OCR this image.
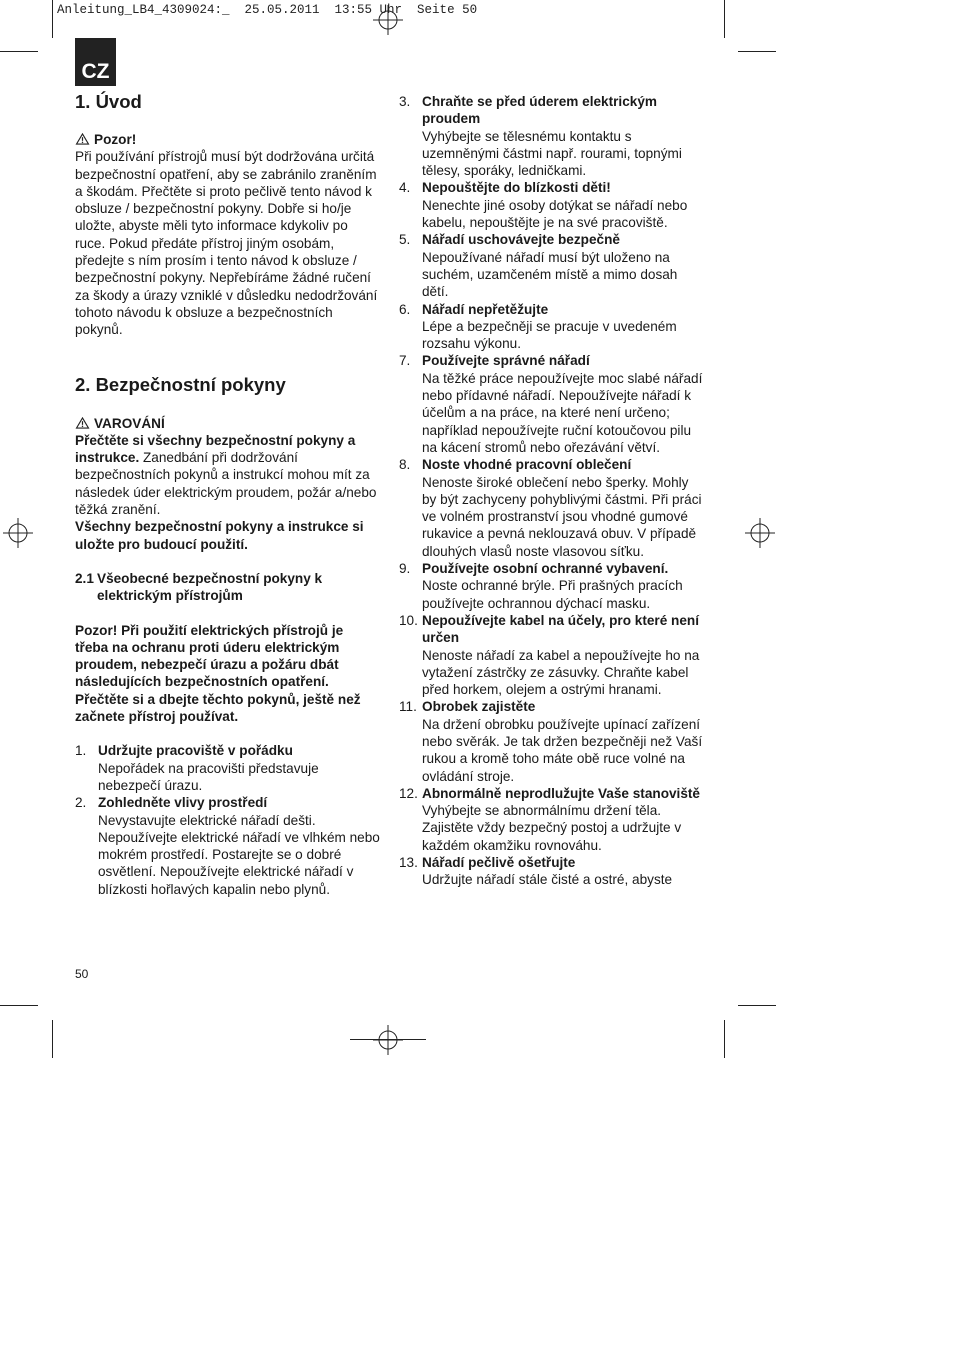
Anleitung_LB4_4309024:_  25.05.2011  13:55 Uhr  Seite 50
CZ
1. Úvod

Pozor!

Při používání přístrojů musí být dodržována určitá bezpečnostní opatření, aby se zabránilo zraněním a škodám. Přečtěte si proto pečlivě tento návod k obsluze / bezpečnostní pokyny. Dobře si ho/je uložte, abyste měli tyto informace kdykoliv po ruce. Pokud předáte přístroj jiným osobám, předejte s ním prosím i tento návod k obsluze / bezpečnostní pokyny. Nepřebíráme žádné ručení za škody a úrazy vzniklé v důsledku nedodržování tohoto návodu k obsluze a bezpečnostních pokynů.

2. Bezpečnostní pokyny

VAROVÁNÍ

Přečtěte si všechny bezpečnostní pokyny a instrukce. Zanedbání při dodržování bezpečnostních pokynů a instrukcí mohou mít za následek úder elektrickým proudem, požár a/nebo těžká zranění.

Všechny bezpečnostní pokyny a instrukce si uložte pro budoucí použití.

2.1 Všeobecné bezpečnostní pokyny k elektrickým přístrojům

Pozor! Při použití elektrických přístrojů je třeba na ochranu proti úderu elektrickým proudem, nebezpečí úrazu a požáru dbát následujících bezpečnostních opatření. Přečtěte si a dbejte těchto pokynů, ještě než začnete přístroj používat.

1. Udržujte pracoviště v pořádku
Nepořádek na pracovišti představuje nebezpečí úrazu.
2. Zohledněte vlivy prostředí
Nevystavujte elektrické nářadí dešti. Nepoužívejte elektrické nářadí ve vlhkém nebo mokrém prostředí. Postarejte se o dobré osvětlení. Nepoužívejte elektrické nářadí v blízkosti hořlavých kapalin nebo plynů.
3. Chraňte se před úderem elektrickým proudem
Vyhýbejte se tělesnému kontaktu s uzemněnými částmi např. rourami, topnými tělesy, sporáky, ledničkami.
4. Nepouštějte do blízkosti děti!
Nenechte jiné osoby dotýkat se nářadí nebo kabelu, nepouštějte je na své pracoviště.
5. Nářadí uschovávejte bezpečně
Nepoužívané nářadí musí být uloženo na suchém, uzamčeném místě a mimo dosah dětí.
6. Nářadí nepřetěžujte
Lépe a bezpečněji se pracuje v uvedeném rozsahu výkonu.
7. Používejte správné nářadí
Na těžké práce nepoužívejte moc slabé nářadí nebo přídavné nářadí. Nepoužívejte nářadí k účelům a na práce, na které není určeno; například nepoužívejte ruční kotoučovou pilu na kácení stromů nebo ořezávání větví.
8. Noste vhodné pracovní oblečení
Nenoste široké oblečení nebo šperky. Mohly by být zachyceny pohyblivými částmi. Při práci ve volném prostranství jsou vhodné gumové rukavice a pevná neklouzavá obuv. V případě dlouhých vlasů noste vlasovou síťku.
9. Používejte osobní ochranné vybavení.
Noste ochranné brýle. Při prašných pracích používejte ochrannou dýchací masku.
10. Nepoužívejte kabel na účely, pro které není určen
Nenoste nářadí za kabel a nepoužívejte ho na vytažení zástrčky ze zásuvky. Chraňte kabel před horkem, olejem a ostrými hranami.
11. Obrobek zajistěte
Na držení obrobku používejte upínací zařízení nebo svěrák. Je tak držen bezpečněji než Vaší rukou a kromě toho máte obě ruce volné na ovládání stroje.
12. Abnormálně neprodlužujte Vaše stanoviště
Vyhýbejte se abnormálnímu držení těla. Zajistěte vždy bezpečný postoj a udržujte v každém okamžiku rovnováhu.
13. Nářadí pečlivě ošetřujte
Udržujte nářadí stále čisté a ostré, abyste
50
